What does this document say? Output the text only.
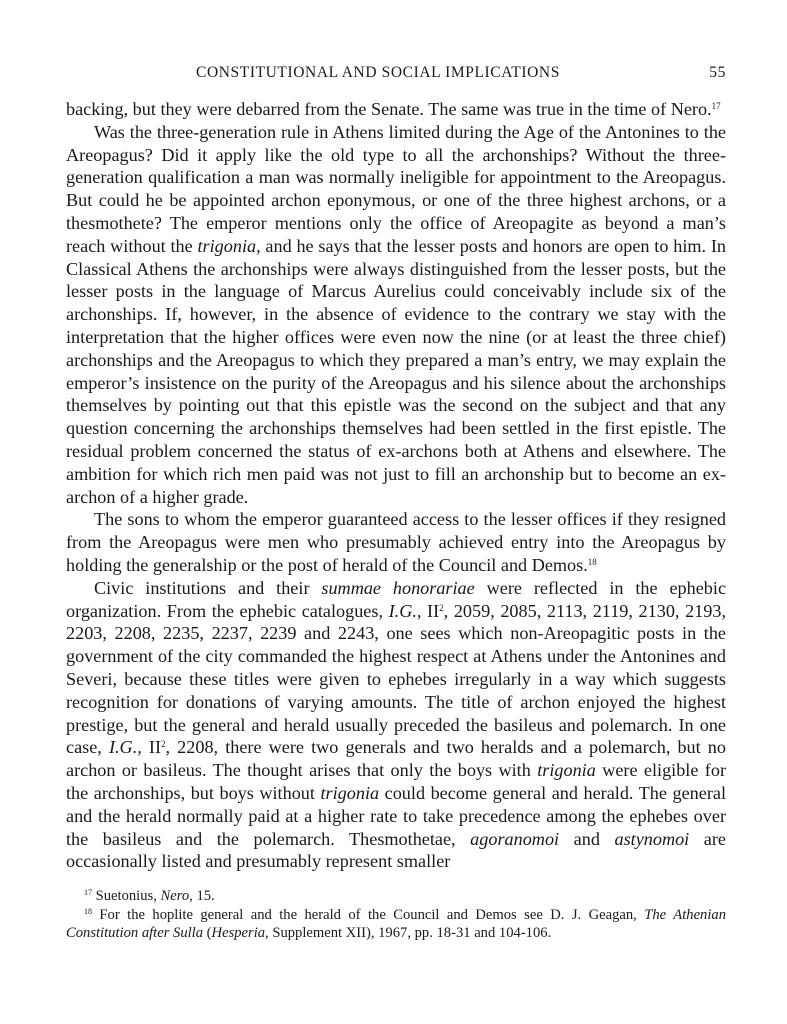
CONSTITUTIONAL AND SOCIAL IMPLICATIONS	55

backing, but they were debarred from the Senate. The same was true in the time of Nero.$^{17}$

Was the three-generation rule in Athens limited during the Age of the Antonines to the Areopagus? Did it apply like the old type to all the archonships? Without the three-generation qualification a man was normally ineligible for appointment to the Areopagus. But could he be appointed archon eponymous, or one of the three highest archons, or a thesmothete? The emperor mentions only the office of Areopagite as beyond a man’s reach without the trigonia, and he says that the lesser posts and honors are open to him. In Classical Athens the archonships were always distinguished from the lesser posts, but the lesser posts in the language of Marcus Aurelius could conceivably include six of the archonships. If, however, in the absence of evidence to the contrary we stay with the interpretation that the higher offices were even now the nine (or at least the three chief) archonships and the Areopagus to which they prepared a man’s entry, we may explain the emperor’s insistence on the purity of the Areopagus and his silence about the archonships themselves by pointing out that this epistle was the second on the subject and that any question concerning the archonships themselves had been settled in the first epistle. The residual problem concerned the status of ex-archons both at Athens and elsewhere. The ambition for which rich men paid was not just to fill an archonship but to become an ex-archon of a higher grade.

The sons to whom the emperor guaranteed access to the lesser offices if they resigned from the Areopagus were men who presumably achieved entry into the Areopagus by holding the generalship or the post of herald of the Council and Demos.$^{18}$

Civic institutions and their summae honorariae were reflected in the ephebic organization. From the ephebic catalogues, I.G., $II^2$, 2059, 2085, 2113, 2119, 2130, 2193, 2203, 2208, 2235, 2237, 2239 and 2243, one sees which non-Areopagitic posts in the government of the city commanded the highest respect at Athens under the Antonines and Severi, because these titles were given to ephebes irregularly in a way which suggests recognition for donations of varying amounts. The title of archon enjoyed the highest prestige, but the general and herald usually preceded the basileus and polemarch. In one case, I.G., $II^2$, 2208, there were two generals and two heralds and a polemarch, but no archon or basileus. The thought arises that only the boys with trigonia were eligible for the archonships, but boys without trigonia could become general and herald. The general and the herald normally paid at a higher rate to take precedence among the ephebes over the basileus and the polemarch. Thesmothetae, agoranomoi and astynomoi are occasionally listed and presumably represent smaller

$^{17}$ Suetonius, Nero, 15.

$^{18}$ For the hoplite general and the herald of the Council and Demos see D. J. Geagan, The Athenian Constitution after Sulla (Hesperia, Supplement XII), 1967, pp. 18-31 and 104-106.
